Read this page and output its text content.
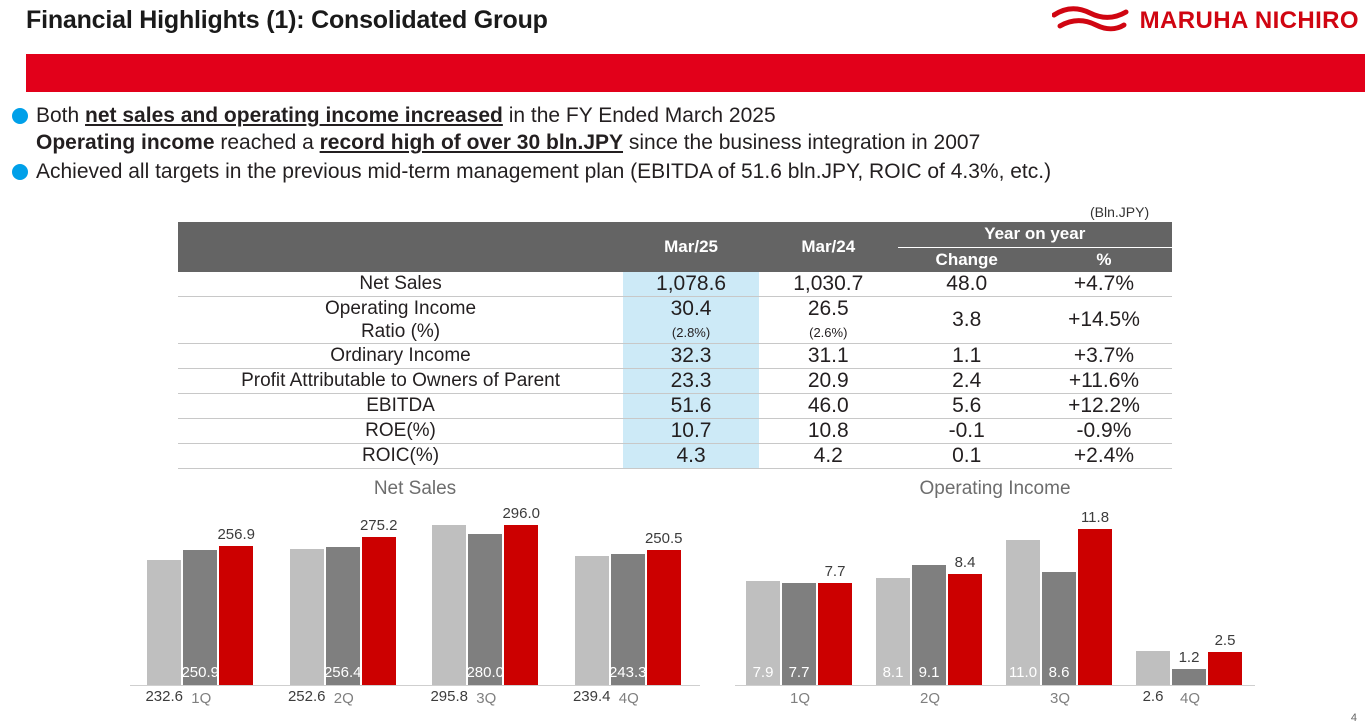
Financial Highlights (1): Consolidated Group	MARUHA NICHIRO
Both net sales and operating income increased in the FY Ended March 2025
Operating income reached a record high of over 30 bln.JPY since the business integration in 2007
Achieved all targets in the previous mid-term management plan (EBITDA of 51.6 bln.JPY, ROIC of 4.3%, etc.)
(Bln.JPY)
	Mar/25	Mar/24	Year on year	
			Change	%
Net Sales	1,078.6	1,030.7	48.0	+4.7%
Operating Income	30.4	26.5	3.8	+14.5%
Ratio (%)	(2.8%)	(2.6%)		
Ordinary Income	32.3	31.1	1.1	+3.7%
Profit Attributable to Owners of Parent	23.3	20.9	2.4	+11.6%
EBITDA	51.6	46.0	5.6	+12.2%
ROE(%)	10.7	10.8	-0.1	-0.9%
ROIC(%)	4.3	4.2	0.1	+2.4%
Net Sales
232.6
250.9
256.9
1Q	252.6
256.4
275.2
2Q	295.8
280.0
296.0
3Q	239.4
243.3
250.5
4Q
Operating Income
7.9	7.7
7.7
1Q
8.1	9.1
8.4
2Q
11.0 8.6
11.8
3Q	2.6
1.2
2.5
4Q
4
